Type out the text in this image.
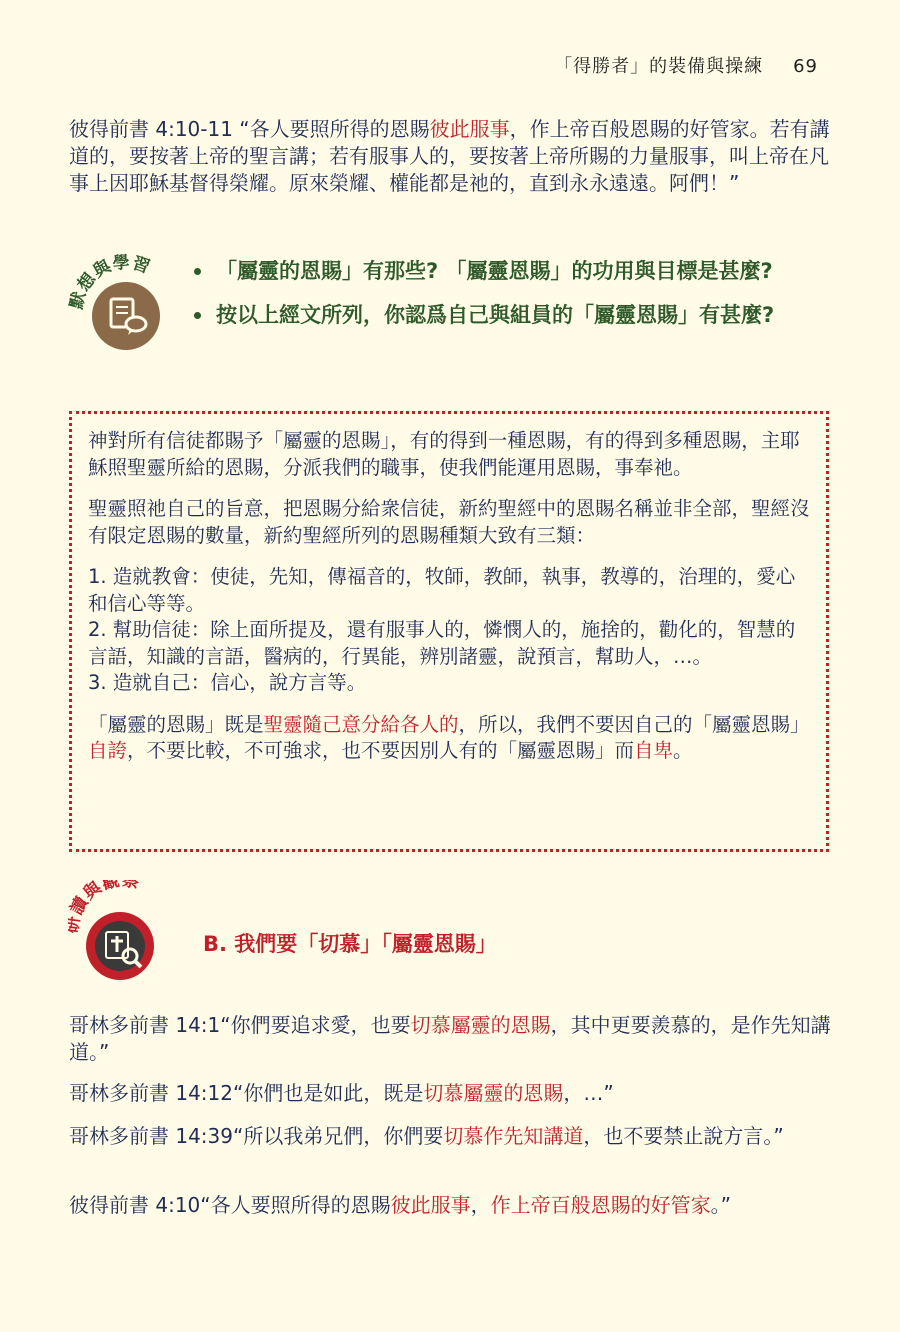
「得勝者」的裝備與操練 69

彼得前書 4:10-11 “各人要照所得的恩賜彼此服事，作上帝百般恩賜的好管家。若有講道的，要按著上帝的聖言講；若有服事人的，要按著上帝所賜的力量服事，叫上帝在凡事上因耶穌基督得榮耀。原來榮耀、權能都是祂的，直到永永遠遠。阿們！”

默想與學習	「屬靈的恩賜」有那些? 「屬靈恩賜」的功用與目標是甚麼?
按以上經文所列，你認爲自己與組員的「屬靈恩賜」有甚麼?

神對所有信徒都賜予「屬靈的恩賜」，有的得到一種恩賜，有的得到多種恩賜，主耶穌照聖靈所給的恩賜，分派我們的職事，使我們能運用恩賜，事奉祂。

聖靈照祂自己的旨意，把恩賜分給衆信徒，新約聖經中的恩賜名稱並非全部，聖經沒有限定恩賜的數量，新約聖經所列的恩賜種類大致有三類：

1. 造就教會：使徒，先知，傳福音的，牧師，教師，執事，教導的，治理的，愛心和信心等等。

2. 幫助信徒：除上面所提及，還有服事人的，憐憫人的，施捨的，勸化的，智慧的言語，知識的言語，醫病的，行異能，辨別諸靈，說預言，幫助人，…。

3. 造就自己：信心，說方言等。

「屬靈的恩賜」既是聖靈隨己意分給各人的，所以，我們不要因自己的「屬靈恩賜」自誇，不要比較，不可強求，也不要因別人有的「屬靈恩賜」而自卑。

讀與觀察
B. 我們要「切慕」「屬靈恩賜」

哥林多前書 14:1“你們要追求愛，也要切慕屬靈的恩賜，其中更要羨慕的，是作先知講道。”

哥林多前書 14:12“你們也是如此，既是切慕屬靈的恩賜，…”

哥林多前書 14:39“所以我弟兄們，你們要切慕作先知講道，也不要禁止說方言。”

彼得前書 4:10“各人要照所得的恩賜彼此服事，作上帝百般恩賜的好管家。”
